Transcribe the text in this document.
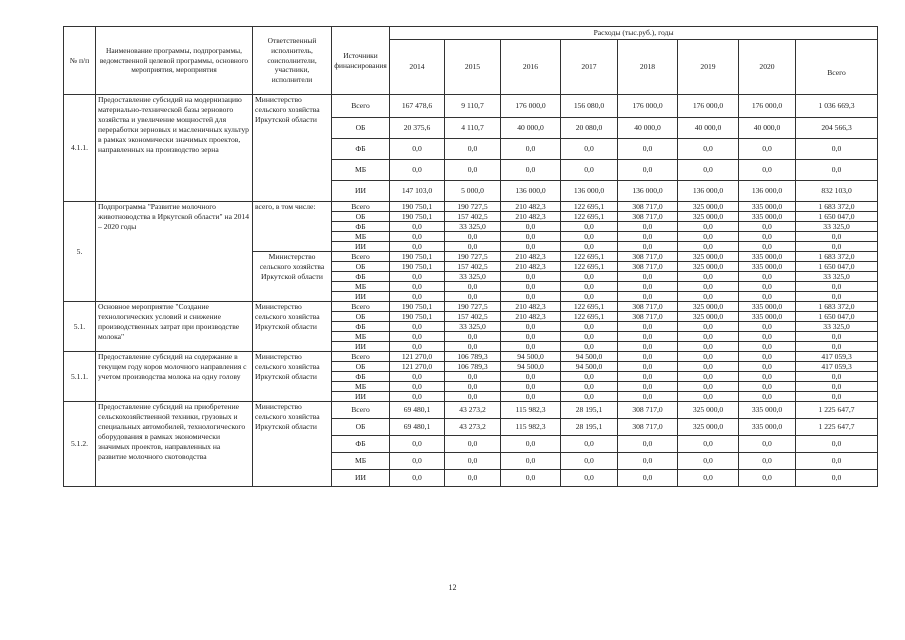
№ п/п	Наименование программы, подпрограммы, ведомственной целевой программы, основного мероприятия, мероприятия	Ответственный исполнитель, соисполнители, участники, исполнители	Источники финансирования	Расходы (тыс.руб.), годы							
				2014	2015	2016	2017	2018	2019	2020	Всего
4.1.1.	Предоставление субсидий на модернизацию материально-технической базы зернового хозяйства и увеличение мощностей для переработки зерновых и масленичных культур в рамках экономически значимых проектов, направленных на производство зерна	Министерство сельского хозяйства Иркутской области	Всего	167 478,6	9 110,7	176 000,0	156 080,0	176 000,0	176 000,0	176 000,0	1 036 669,3
			ОБ	20 375,6	4 110,7	40 000,0	20 080,0	40 000,0	40 000,0	40 000,0	204 566,3
			ФБ	0,0	0,0	0,0	0,0	0,0	0,0	0,0	0,0
			МБ	0,0	0,0	0,0	0,0	0,0	0,0	0,0	0,0
			ИИ	147 103,0	5 000,0	136 000,0	136 000,0	136 000,0	136 000,0	136 000,0	832 103,0
5.	Подпрограмма "Развитие молочного животноводства в Иркутской области" на 2014 – 2020 годы	всего, в том числе:	Всего	190 750,1	190 727,5	210 482,3	122 695,1	308 717,0	325 000,0	335 000,0	1 683 372,0
			ОБ	190 750,1	157 402,5	210 482,3	122 695,1	308 717,0	325 000,0	335 000,0	1 650 047,0
			ФБ	0,0	33 325,0	0,0	0,0	0,0	0,0	0,0	33 325,0
			МБ	0,0	0,0	0,0	0,0	0,0	0,0	0,0	0,0
			ИИ	0,0	0,0	0,0	0,0	0,0	0,0	0,0	0,0
		Министерство сельского хозяйства Иркутской области	Всего	190 750,1	190 727,5	210 482,3	122 695,1	308 717,0	325 000,0	335 000,0	1 683 372,0
			ОБ	190 750,1	157 402,5	210 482,3	122 695,1	308 717,0	325 000,0	335 000,0	1 650 047,0
			ФБ	0,0	33 325,0	0,0	0,0	0,0	0,0	0,0	33 325,0
			МБ	0,0	0,0	0,0	0,0	0,0	0,0	0,0	0,0
			ИИ	0,0	0,0	0,0	0,0	0,0	0,0	0,0	0,0
5.1.	Основное мероприятие "Создание технологических условий и снижение производственных затрат при производстве молока"	Министерство сельского хозяйства Иркутской области	Всего	190 750,1	190 727,5	210 482,3	122 695,1	308 717,0	325 000,0	335 000,0	1 683 372,0
			ОБ	190 750,1	157 402,5	210 482,3	122 695,1	308 717,0	325 000,0	335 000,0	1 650 047,0
			ФБ	0,0	33 325,0	0,0	0,0	0,0	0,0	0,0	33 325,0
			МБ	0,0	0,0	0,0	0,0	0,0	0,0	0,0	0,0
			ИИ	0,0	0,0	0,0	0,0	0,0	0,0	0,0	0,0
5.1.1.	Предоставление субсидий на содержание в текущем году коров молочного направления с учетом производства молока на одну голову	Министерство сельского хозяйства Иркутской области	Всего	121 270,0	106 789,3	94 500,0	94 500,0	0,0	0,0	0,0	417 059,3
			ОБ	121 270,0	106 789,3	94 500,0	94 500,0	0,0	0,0	0,0	417 059,3
			ФБ	0,0	0,0	0,0	0,0	0,0	0,0	0,0	0,0
			МБ	0,0	0,0	0,0	0,0	0,0	0,0	0,0	0,0
			ИИ	0,0	0,0	0,0	0,0	0,0	0,0	0,0	0,0
5.1.2.	Предоставление субсидий на приобретение сельскохозяйственной техники, грузовых и специальных автомобилей, технологического оборудования в рамках экономически значимых проектов, направленных на развитие молочного скотоводства	Министерство сельского хозяйства Иркутской области	Всего	69 480,1	43 273,2	115 982,3	28 195,1	308 717,0	325 000,0	335 000,0	1 225 647,7
			ОБ	69 480,1	43 273,2	115 982,3	28 195,1	308 717,0	325 000,0	335 000,0	1 225 647,7
			ФБ	0,0	0,0	0,0	0,0	0,0	0,0	0,0	0,0
			МБ	0,0	0,0	0,0	0,0	0,0	0,0	0,0	0,0
			ИИ	0,0	0,0	0,0	0,0	0,0	0,0	0,0	0,0
12
